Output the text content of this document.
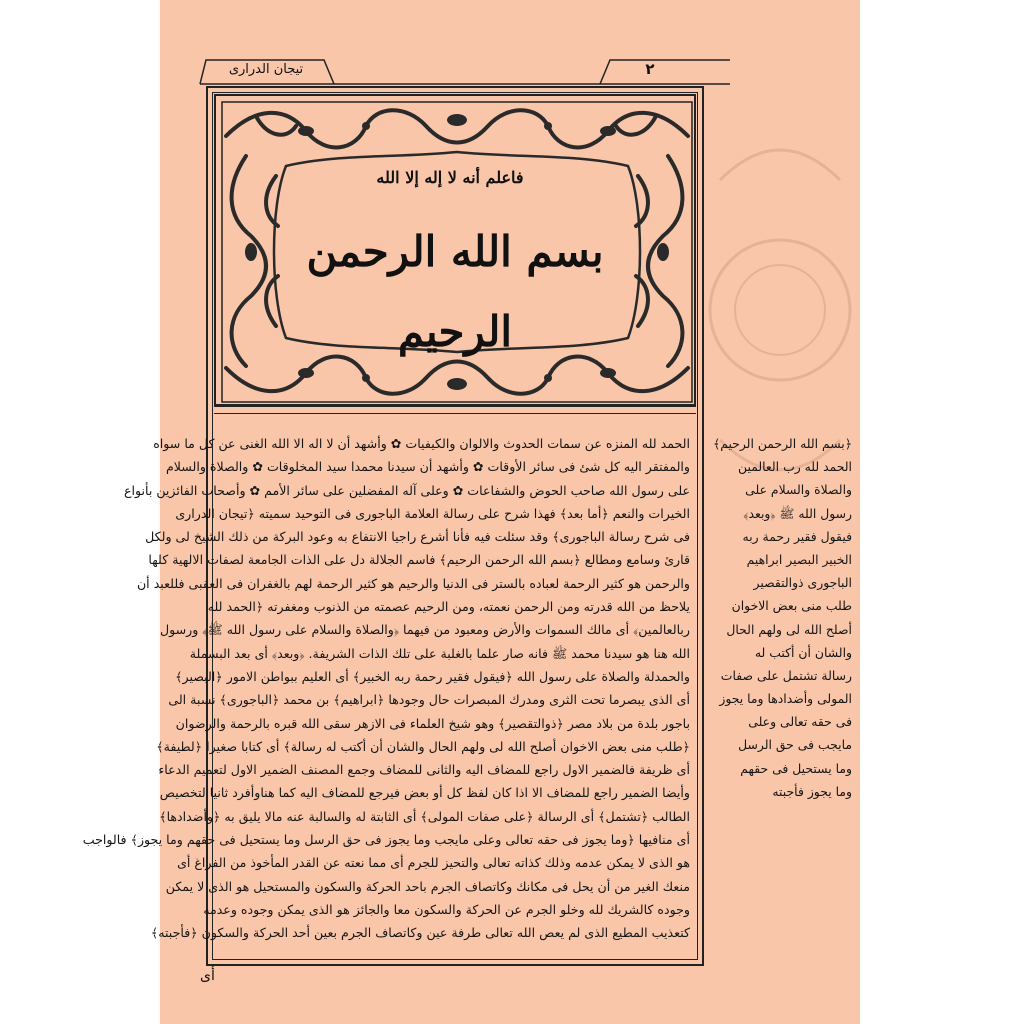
تيجان الدرارى	٢
فاعلم أنه لا إله إلا الله
بسم الله الرحمن الرحيم
الحمد لله المنزه عن سمات الحدوث والالوان والكيفيات ✿ وأشهد أن لا اله الا الله الغنى عن كل ما سواه
والمفتقر اليه كل شئ فى سائر الأوقات ✿ وأشهد أن سيدنا محمدا سيد المخلوقات ✿ والصلاة والسلام
على رسول الله صاحب الحوض والشفاعات ✿ وعلى آله المفضلين على سائر الأمم ✿ وأصحاب الفائزين بأنواع
الخيرات والنعم ﴿أما بعد﴾ فهذا شرح على رسالة العلامة الباجورى فى التوحيد سميته ﴿تيجان الدرارى
فى شرح رسالة الباجورى﴾ وقد سئلت فيه فأنا أشرع راجيا الانتفاع به وعود البركة من ذلك الشيخ لى ولكل
قارئ وسامع ومطالع ﴿بسم الله الرحمن الرحيم﴾ فاسم الجلالة دل على الذات الجامعة لصفات الالهية كلها
والرحمن هو كثير الرحمة لعباده بالستر فى الدنيا والرحيم هو كثير الرحمة لهم بالغفران فى العقبى فللعبد أن
يلاحظ من الله قدرته ومن الرحمن نعمته، ومن الرحيم عصمته من الذنوب ومغفرته ﴿الحمد لله
ربالعالمين﴾ أى مالك السموات والأرض ومعبود من فيهما ﴿والصلاة والسلام على رسول الله ﷺ﴾ ورسول
الله هنا هو سيدنا محمد ﷺ فانه صار علما بالغلبة على تلك الذات الشريفة. ﴿وبعد﴾ أى بعد البسملة
والحمدلة والصلاة على رسول الله ﴿فيقول فقير رحمة ربه الخبير﴾ أى العليم ببواطن الامور ﴿البصير﴾
أى الذى يبصرما تحت الثرى ومدرك المبصرات حال وجودها ﴿ابراهيم﴾ بن محمد ﴿الباجورى﴾ نسبة الى
باجور بلدة من بلاد مصر ﴿ذوالتقصير﴾ وهو شيخ العلماء فى الازهر سقى الله قبره بالرحمة والرضوان
﴿طلب منى بعض الاخوان أصلح الله لى ولهم الحال والشان أن أكتب له رسالة﴾ أى كتابا صغيرا ﴿لطيفة﴾
أى ظريفة فالضمير الاول راجع للمضاف اليه والثانى للمضاف وجمع المصنف الضمير الاول لتعميم الدعاء
وأيضا الضمير راجع للمضاف الا اذا كان لفظ كل أو بعض فيرجع للمضاف اليه كما هناوأفرد ثانيا لتخصيص
الطالب ﴿تشتمل﴾ أى الرسالة ﴿على صفات المولى﴾ أى الثابتة له والسالبة عنه مالا يليق به ﴿وأضدادها﴾
أى منافيها ﴿وما يجوز فى حقه تعالى وعلى مايجب وما يجوز فى حق الرسل وما يستحيل فى حقهم وما يجوز﴾ فالواجب
هو الذى لا يمكن عدمه وذلك كذاته تعالى والتحيز للجرم أى مما نعته عن القدر المأخوذ من الفراغ أى
منعك الغير من أن يحل فى مكانك وكاتصاف الجرم باحد الحركة والسكون والمستحيل هو الذى لا يمكن
وجوده كالشريك لله وخلو الجرم عن الحركة والسكون معا والجائز هو الذى يمكن وجوده وعدمه
كتعذيب المطيع الذى لم يعص الله تعالى طرفة عين وكاتصاف الجرم بعين أحد الحركة والسكون ﴿فأجبته﴾
﴿بسم الله الرحمن الرحيم﴾
الحمد لله رب العالمين
والصلاة والسلام على
رسول الله ﷺ ﴿وبعد﴾
فيقول فقير رحمة ربه
الخبير البصير ابراهيم
الباجورى ذوالتقصير
طلب منى بعض الاخوان
أصلح الله لى ولهم الحال
والشان أن أكتب له
رسالة تشتمل على صفات
المولى وأضدادها وما يجوز
فى حقه تعالى وعلى
مايجب فى حق الرسل
وما يستحيل فى حقهم
وما يجوز فأجبته
أى
